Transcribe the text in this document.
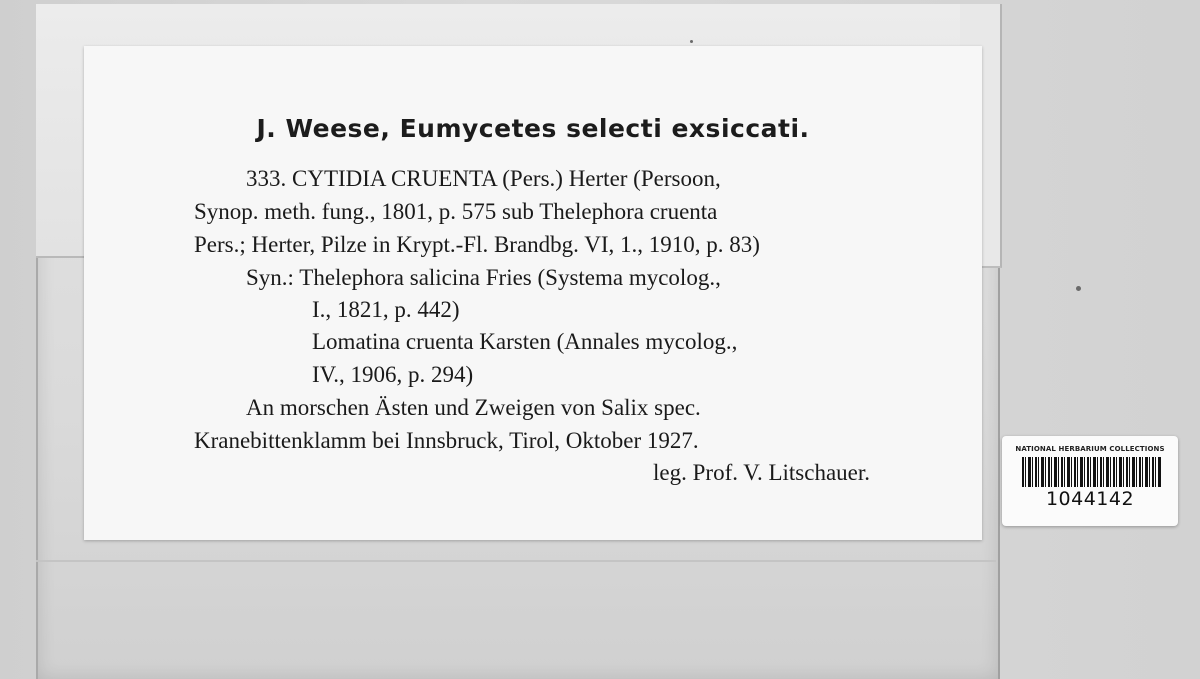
J. Weese, Eumycetes selecti exsiccati.
333. CYTIDIA CRUENTA (Pers.) Herter (Persoon,
Synop. meth. fung., 1801, p. 575 sub Thelephora cruenta
Pers.; Herter, Pilze in Krypt.-Fl. Brandbg. VI, 1., 1910, p. 83)
Syn.: Thelephora salicina Fries (Systema mycolog.,
I., 1821, p. 442)
Lomatina cruenta Karsten (Annales mycolog.,
IV., 1906, p. 294)
An morschen Ästen und Zweigen von Salix spec.
Kranebittenklamm bei Innsbruck, Tirol, Oktober 1927.
leg. Prof. V. Litschauer.
NATIONAL HERBARIUM COLLECTIONS
1044142
